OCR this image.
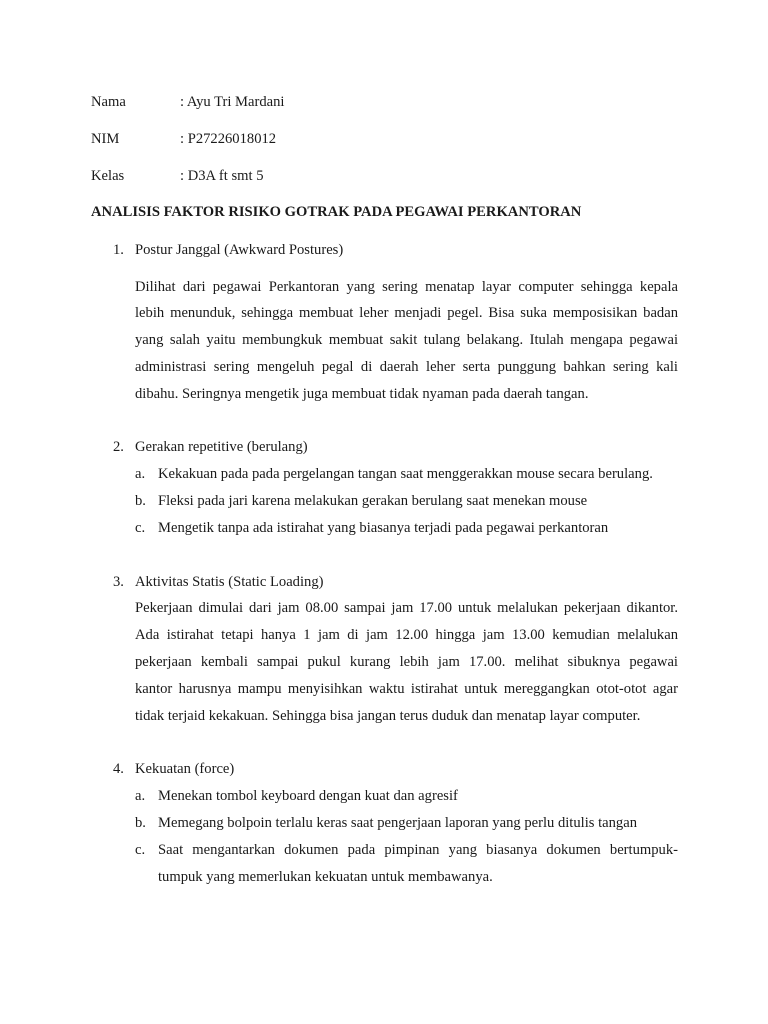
Nama	: Ayu Tri Mardani
NIM	: P27226018012
Kelas	: D3A ft smt 5
ANALISIS FAKTOR RISIKO GOTRAK PADA PEGAWAI PERKANTORAN
1. Postur Janggal (Awkward Postures)
Dilihat dari pegawai Perkantoran yang sering menatap layar computer sehingga kepala
lebih menunduk, sehingga membuat leher menjadi pegel. Bisa suka memposisikan badan
yang salah yaitu membungkuk membuat sakit tulang belakang. Itulah mengapa pegawai
administrasi sering mengeluh pegal di daerah leher serta punggung bahkan sering kali
dibahu. Seringnya mengetik juga membuat tidak nyaman pada daerah tangan.
2. Gerakan repetitive (berulang)
a. Kekakuan pada pada pergelangan tangan saat menggerakkan mouse secara berulang.
b. Fleksi pada jari karena melakukan gerakan berulang saat menekan mouse
c. Mengetik tanpa ada istirahat yang biasanya terjadi pada pegawai perkantoran
3. Aktivitas Statis (Static Loading)
Pekerjaan dimulai dari jam 08.00 sampai jam 17.00 untuk melalukan pekerjaan dikantor.
Ada istirahat tetapi hanya 1 jam di jam 12.00 hingga jam 13.00 kemudian melalukan
pekerjaan kembali sampai pukul kurang lebih jam 17.00. melihat sibuknya pegawai
kantor harusnya mampu menyisihkan waktu istirahat untuk mereggangkan otot-otot agar
tidak terjaid kekakuan. Sehingga bisa jangan terus duduk dan menatap layar computer.
4. Kekuatan (force)
a. Menekan tombol keyboard dengan kuat dan agresif
b. Memegang bolpoin terlalu keras saat pengerjaan laporan yang perlu ditulis tangan
c. Saat mengantarkan dokumen pada pimpinan yang biasanya dokumen bertumpuk-
tumpuk yang memerlukan kekuatan untuk membawanya.
